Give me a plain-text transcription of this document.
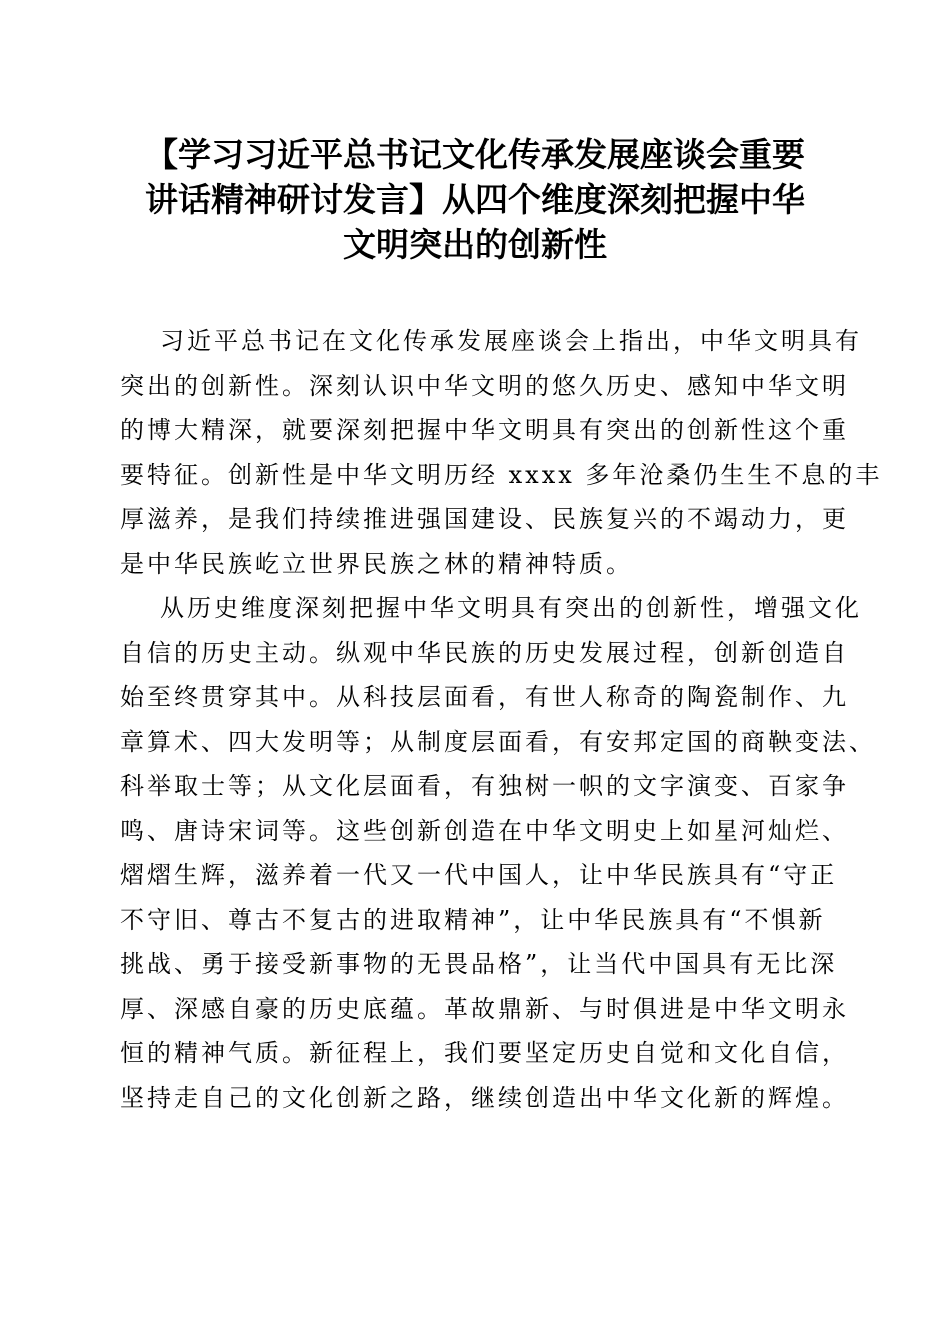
【学习习近平总书记文化传承发展座谈会重要
讲话精神研讨发言】从四个维度深刻把握中华
文明突出的创新性
习近平总书记在文化传承发展座谈会上指出，中华文明具有
突出的创新性。深刻认识中华文明的悠久历史、感知中华文明
的博大精深，就要深刻把握中华文明具有突出的创新性这个重
要特征。创新性是中华文明历经 xxxx 多年沧桑仍生生不息的丰
厚滋养，是我们持续推进强国建设、民族复兴的不竭动力，更
是中华民族屹立世界民族之林的精神特质。
从历史维度深刻把握中华文明具有突出的创新性，增强文化
自信的历史主动。纵观中华民族的历史发展过程，创新创造自
始至终贯穿其中。从科技层面看，有世人称奇的陶瓷制作、九
章算术、四大发明等；从制度层面看，有安邦定国的商鞅变法、
科举取士等；从文化层面看，有独树一帜的文字演变、百家争
鸣、唐诗宋词等。这些创新创造在中华文明史上如星河灿烂、
熠熠生辉，滋养着一代又一代中国人，让中华民族具有“守正
不守旧、尊古不复古的进取精神”，让中华民族具有“不惧新
挑战、勇于接受新事物的无畏品格”，让当代中国具有无比深
厚、深感自豪的历史底蕴。革故鼎新、与时俱进是中华文明永
恒的精神气质。新征程上，我们要坚定历史自觉和文化自信，
坚持走自己的文化创新之路，继续创造出中华文化新的辉煌。
